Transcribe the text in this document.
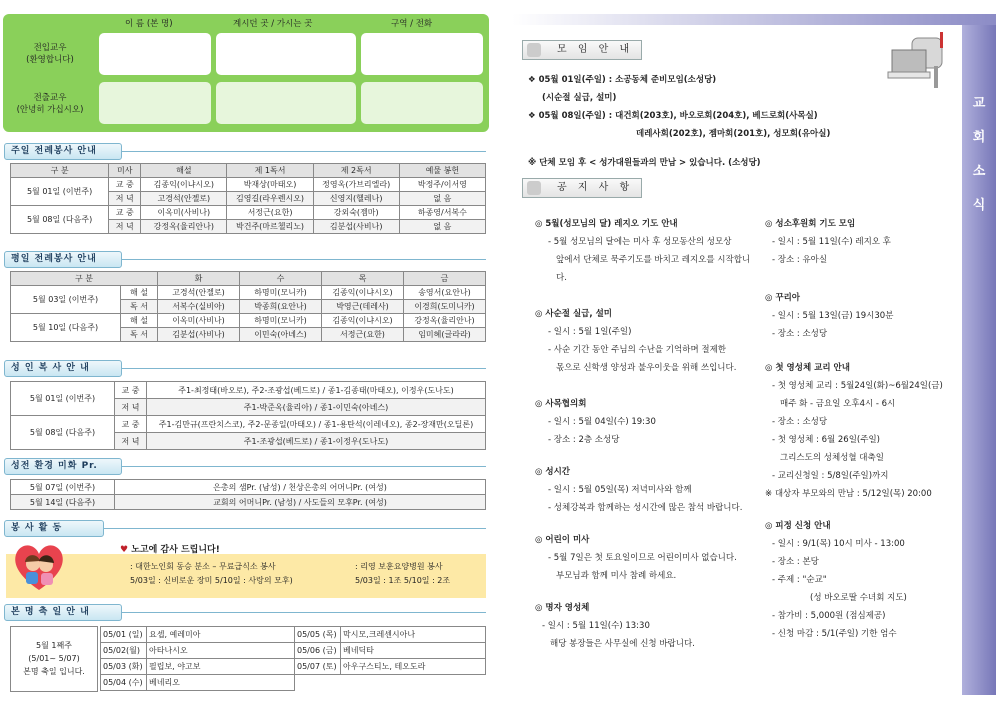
이 름 (본 명)	계시던 곳 / 가시는 곳	구역 / 전화
전입교우
(환영합니다)
전출교우
(안녕히 가십시오)
주일 전례봉사 안내
구 분	미사	해설	제 1독서	제 2독서	예물 봉헌
5월 01일 (이번주)	교 중	김종익(이냐시오)	박재상(마태오)	정영옥(가브리엘라)	박정주/이서영
	저 녁	고경석(안젤로)	김영길(라우렌시오)	신영지(헬레나)	없 음
5월 08일 (다음주)	교 중	이옥미(사비나)	서정근(요한)	강외숙(젬마)	하종영/서복수
	저 녁	강정옥(율리안나)	박건주(마르첼리노)	김분섭(사비나)	없 음
평일 전례봉사 안내
구 분		화	수	목	금
5월 03일 (이번주)	해 설	고경석(안젤로)	하명미(모니카)	김종익(이냐시오)	송영서(요안나)
	독 서	서복수(실비아)	박종희(요안나)	박영근(데레사)	이경희(도미니카)
5월 10일 (다음주)	해 설	이옥미(사비나)	하명미(모니카)	김종익(이냐시오)	강정옥(율리안나)
	독 서	김분섭(사비나)	이민숙(아녜스)	서정근(요한)	임미혜(글라라)
성 인 복 사 안 내
5월 01일 (이번주)	교 중	주1-최정태(바오로), 주2-조광섭(베드로) / 종1-김종태(마태오), 이정우(도나도)
	저 녁	주1-박준옥(율리아) / 종1-이민숙(아녜스)
5월 08일 (다음주)	교 중	주1-김만규(프란치스코), 주2-문종일(마태오) / 종1-용탄석(이레네오), 종2-장재만(오딜론)
	저 녁	주1-조광섭(베드로) / 종1-이정우(도나도)
성전 환경 미화 Pr.
5월 07일 (이번주)	은총의 샘Pr. (남성) / 천상은총의 어머니Pr. (여성)
5월 14일 (다음주)	교회의 어머니Pr. (남성) / 사도들의 모후Pr. (여성)
봉 사 활 동
♥ 노고에 감사 드립니다!
: 대한노인회 동승 분소 – 무료급식소 봉사
5/03일 : 신비로운 장미 5/10일 : 사랑의 모후)
: 리영 보훈요양병원 봉사
5/03일 : 1조 5/10일 : 2조
본 명 축 일 안 내
5월 1째주
(5/01~ 5/07)
본명 축일 입니다.
05/01 (일)	요셉, 예레미아	05/05 (목)	막시모,크레센시아나
05/02(월)	아타나시오	05/06 (금)	베네딕타
05/03 (화)	필립보, 야고보	05/07 (토)	아우구스티노, 테오도라
05/04 (수)	베네리오		
교
회
소
식
모 임 안 내
❖ 05월 01일(주일) : 소공동체 준비모임(소성당)
(시순절 실급, 설미)
❖ 05월 08일(주일) : 대건회(203호), 바오로회(204호), 베드로회(사목실)
데레사회(202호), 젬마회(201호), 성모회(유아실)
※ 단체 모임 후 < 성가대원들과의 만남 > 있습니다. (소성당)
공 지 사 항
◎ 5월(성모님의 달) 레지오 기도 안내
- 5월 성모님의 달에는 미사 후 성모동산의 성모상
앞에서 단체로 묵주기도를 바치고 레지오를 시작합니
다.
◎ 사순절 실급, 설미
- 일시 : 5월 1일(주일)
- 사순 기간 동안 주님의 수난을 기억하며 절제한
몫으로 신학생 양성과 불우이웃을 위해 쓰입니다.
◎ 사목협의회
- 일시 : 5월 04일(수) 19:30
- 장소 : 2층 소성당
◎ 성시간
- 일시 : 5월 05일(목) 저녁미사와 함께
- 성체강복과 함께하는 성시간에 많은 참석 바랍니다.
◎ 어린이 미사
- 5월 7일은 첫 토요일이므로 어린이미사 없습니다.
부모님과 함께 미사 참례 하세요.
◎ 명자 영성체
- 일시 : 5월 11일(수) 13:30
해당 봉장들은 사무실에 신청 바랍니다.
◎ 성소후원회 기도 모임
- 일시 : 5월 11일(수) 레지오 후
- 장소 : 유아실
◎ 꾸리아
- 일시 : 5월 13일(금) 19시30분
- 장소 : 소성당
◎ 첫 영성체 교리 안내
- 첫 영성체 교리 : 5월24일(화)~6월24일(금)
매주 화 - 금요일 오후4시 - 6시
- 장소 : 소성당
- 첫 영성체 : 6월 26일(주일)
그리스도의 성체성혈 대축일
- 교리신청일 : 5/8일(주일)까지
※ 대상자 부모와의 만남 : 5/12일(목) 20:00
◎ 피정 신청 안내
- 일시 : 9/1(목) 10시 미사 - 13:00
- 장소 : 본당
- 주제 : "순교"
(성 바오로딸 수녀회 지도)
- 참가비 : 5,000원 (점심제공)
- 신청 마감 : 5/1(주일) 기한 엄수
